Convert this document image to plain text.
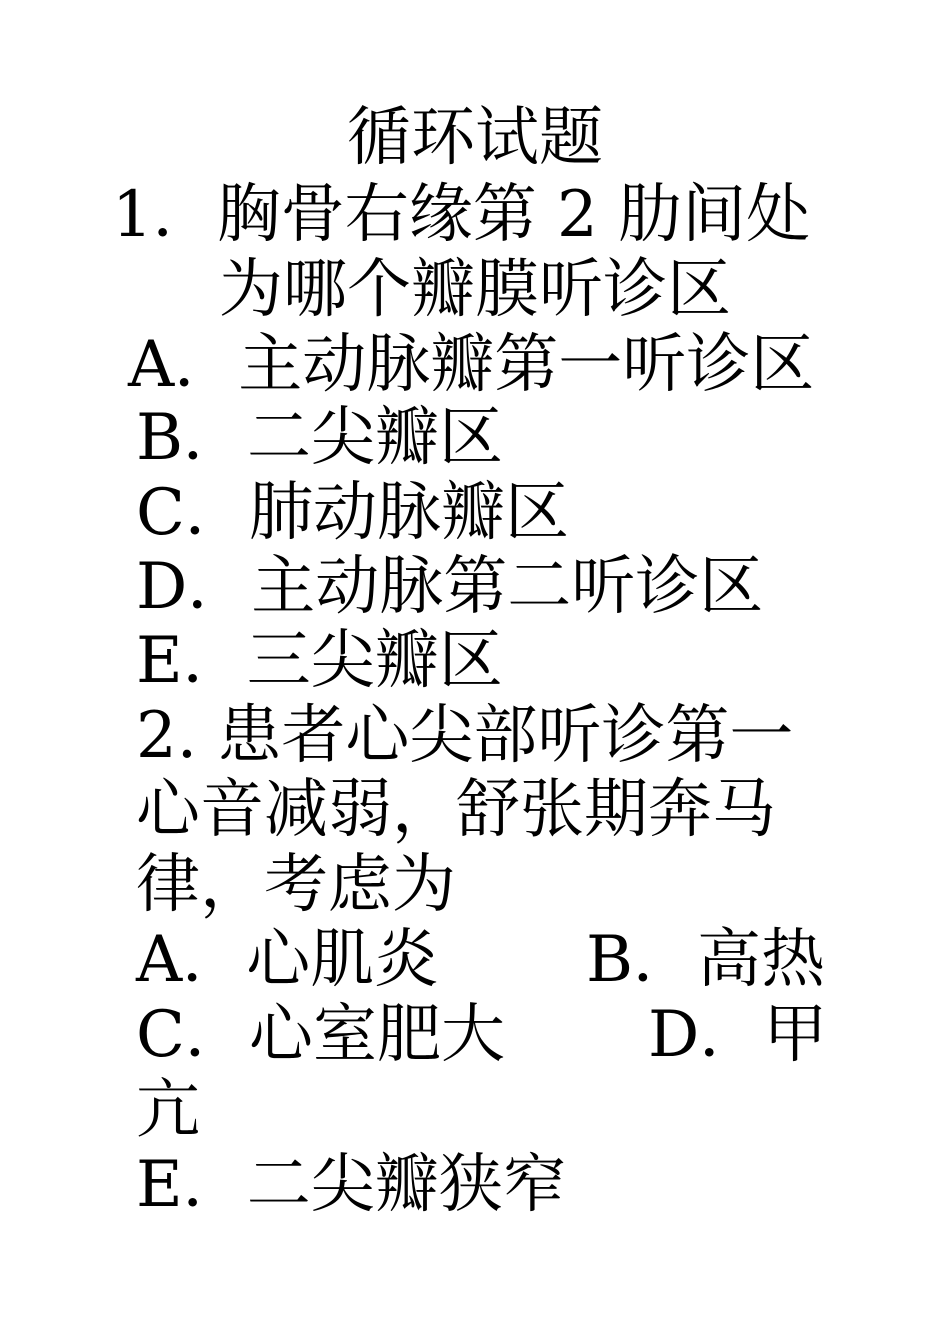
循环试题
1．胸骨右缘第 2 肋间处
为哪个瓣膜听诊区
A．主动脉瓣第一听诊区
B．二尖瓣区
C．肺动脉瓣区
D．主动脉第二听诊区
E．三尖瓣区
2. 患者心尖部听诊第一
心音减弱，舒张期奔马
律，考虑为
A．心肌炎 B．高热
C．心室肥大 D．甲
亢
E．二尖瓣狭窄
